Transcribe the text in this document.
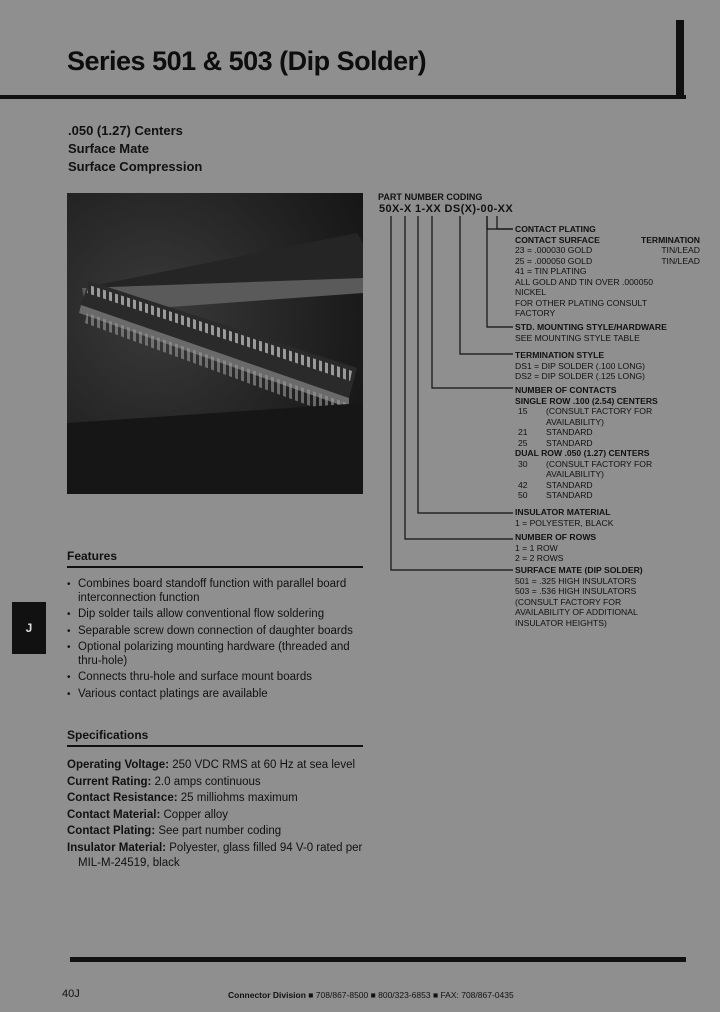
Series 501 & 503 (Dip Solder)
.050 (1.27) Centers
Surface Mate
Surface Compression
J
Features
• Combines board standoff function with parallel board interconnection function
• Dip solder tails allow conventional flow soldering
• Separable screw down connection of daughter boards
• Optional polarizing mounting hardware (threaded and thru-hole)
• Connects thru-hole and surface mount boards
• Various contact platings are available
Specifications
Operating Voltage: 250 VDC RMS at 60 Hz at sea level
Current Rating: 2.0 amps continuous
Contact Resistance: 25 milliohms maximum
Contact Material: Copper alloy
Contact Plating: See part number coding
Insulator Material: Polyester, glass filled 94 V-0 rated per
MIL-M-24519, black
PART NUMBER CODING
50X-X 1-XX DS(X)-00-XX
CONTACT PLATING
CONTACT SURFACE	TERMINATION
23 = .000030 GOLD	TIN/LEAD
25 = .000050 GOLD	TIN/LEAD
41 = TIN PLATING
ALL GOLD AND TIN OVER .000050
NICKEL
FOR OTHER PLATING CONSULT
FACTORY
STD. MOUNTING STYLE/HARDWARE
SEE MOUNTING STYLE TABLE
TERMINATION STYLE
DS1 = DIP SOLDER (.100 LONG)
DS2 = DIP SOLDER (.125 LONG)
NUMBER OF CONTACTS
SINGLE ROW .100 (2.54) CENTERS
15 (CONSULT FACTORY FOR
AVAILABILITY)
21 STANDARD
25 STANDARD
DUAL ROW .050 (1.27) CENTERS
30 (CONSULT FACTORY FOR
AVAILABILITY)
42 STANDARD
50 STANDARD
INSULATOR MATERIAL
1 = POLYESTER, BLACK
NUMBER OF ROWS
1 = 1 ROW
2 = 2 ROWS
SURFACE MATE (DIP SOLDER)
501 = .325 HIGH INSULATORS
503 = .536 HIGH INSULATORS
(CONSULT FACTORY FOR
AVAILABILITY OF ADDITIONAL
INSULATOR HEIGHTS)
40J	Connector Division ■ 708/867-8500 ■ 800/323-6853 ■ FAX: 708/867-0435
